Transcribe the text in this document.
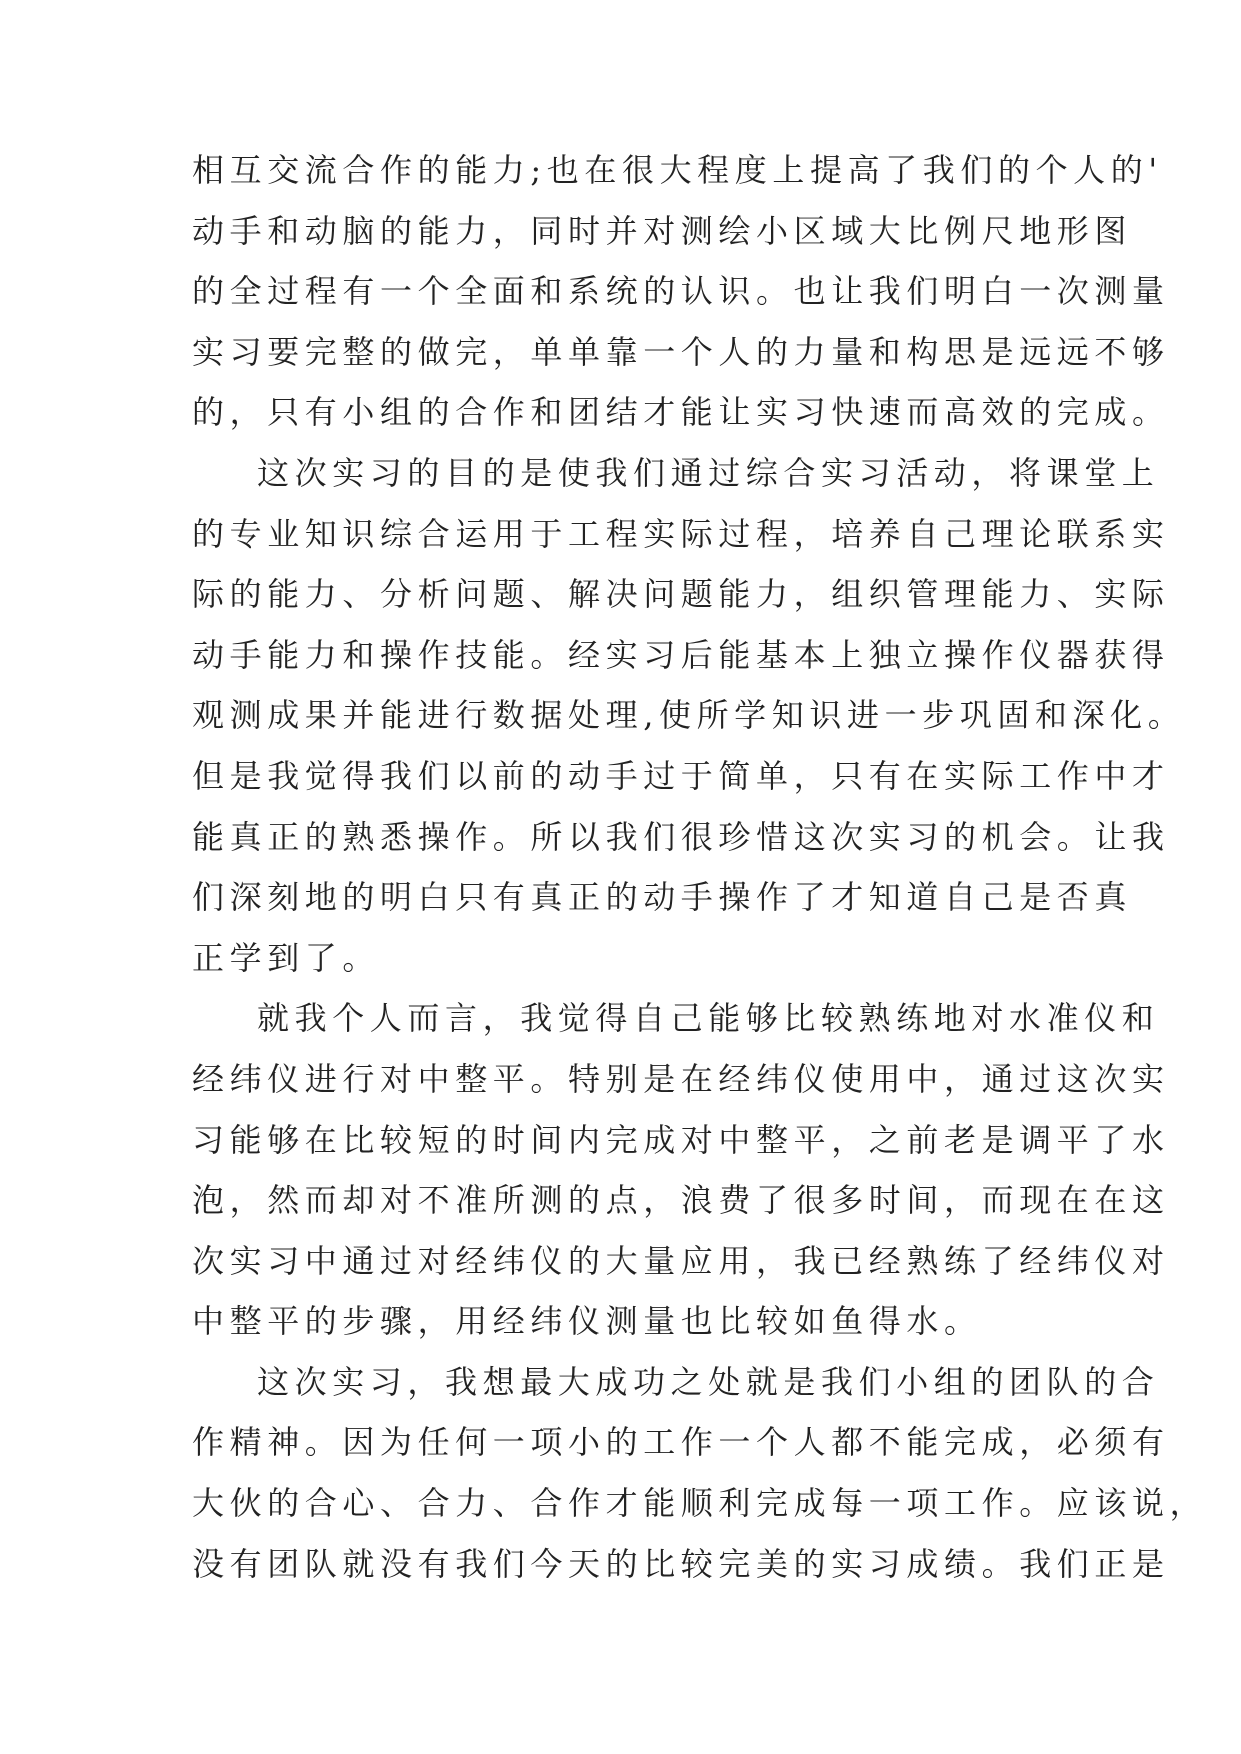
相互交流合作的能力;也在很大程度上提高了我们的个人的'
动手和动脑的能力，同时并对测绘小区域大比例尺地形图
的全过程有一个全面和系统的认识。也让我们明白一次测量
实习要完整的做完，单单靠一个人的力量和构思是远远不够
的，只有小组的合作和团结才能让实习快速而高效的完成。
这次实习的目的是使我们通过综合实习活动，将课堂上
的专业知识综合运用于工程实际过程，培养自己理论联系实
际的能力、分析问题、解决问题能力，组织管理能力、实际
动手能力和操作技能。经实习后能基本上独立操作仪器获得
观测成果并能进行数据处理,使所学知识进一步巩固和深化。
但是我觉得我们以前的动手过于简单，只有在实际工作中才
能真正的熟悉操作。所以我们很珍惜这次实习的机会。让我
们深刻地的明白只有真正的动手操作了才知道自己是否真
正学到了。
就我个人而言，我觉得自己能够比较熟练地对水准仪和
经纬仪进行对中整平。特别是在经纬仪使用中，通过这次实
习能够在比较短的时间内完成对中整平，之前老是调平了水
泡，然而却对不准所测的点，浪费了很多时间，而现在在这
次实习中通过对经纬仪的大量应用，我已经熟练了经纬仪对
中整平的步骤，用经纬仪测量也比较如鱼得水。
这次实习，我想最大成功之处就是我们小组的团队的合
作精神。因为任何一项小的工作一个人都不能完成，必须有
大伙的合心、合力、合作才能顺利完成每一项工作。应该说，
没有团队就没有我们今天的比较完美的实习成绩。我们正是
